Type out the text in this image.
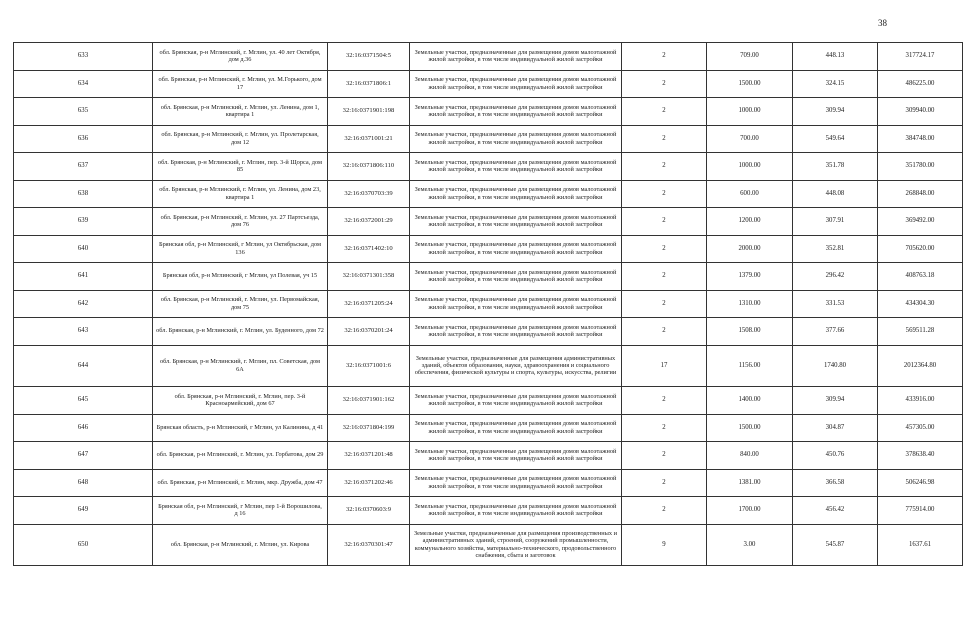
38
633	обл. Брянская, р-н Мглинский, г. Мглин, ул. 40 лет Октября, дом д.36	32:16:0371504:5	Земельные участки, предназначенные для размещения домов малоэтажной жилой застройки, в том числе индивидуальной жилой застройки	2	709.00	448.13	317724.17
634	обл. Брянская, р-н Мглинский, г. Мглин, ул. М.Горького, дом 17	32:16:0371806:1	Земельные участки, предназначенные для размещения домов малоэтажной жилой застройки, в том числе индивидуальной жилой застройки	2	1500.00	324.15	486225.00
635	обл. Брянская, р-н Мглинский, г. Мглин, ул. Ленина, дом 1, квартира 1	32:16:0371901:198	Земельные участки, предназначенные для размещения домов малоэтажной жилой застройки, в том числе индивидуальной жилой застройки	2	1000.00	309.94	309940.00
636	обл. Брянская, р-н Мглинский, г. Мглин, ул. Пролетарская, дом 12	32:16:0371001:21	Земельные участки, предназначенные для размещения домов малоэтажной жилой застройки, в том числе индивидуальной жилой застройки	2	700.00	549.64	384748.00
637	обл. Брянская, р-н Мглинский, г. Мглин, пер. 3-й Щорса, дом 85	32:16:0371806:110	Земельные участки, предназначенные для размещения домов малоэтажной жилой застройки, в том числе индивидуальной жилой застройки	2	1000.00	351.78	351780.00
638	обл. Брянская, р-н Мглинский, г. Мглин, ул. Ленина, дом 23, квартира 1	32:16:0370703:39	Земельные участки, предназначенные для размещения домов малоэтажной жилой застройки, в том числе индивидуальной жилой застройки	2	600.00	448.08	268848.00
639	обл. Брянская, р-н Мглинский, г. Мглин, ул. 27 Партсъезда, дом 76	32:16:0372001:29	Земельные участки, предназначенные для размещения домов малоэтажной жилой застройки, в том числе индивидуальной жилой застройки	2	1200.00	307.91	369492.00
640	Брянская обл, р-н Мглинский, г Мглин, ул Октябрьская, дом 136	32:16:0371402:10	Земельные участки, предназначенные для размещения домов малоэтажной жилой застройки, в том числе индивидуальной жилой застройки	2	2000.00	352.81	705620.00
641	Брянская обл, р-н Мглинский, г Мглин, ул Полевая, уч 15	32:16:0371301:358	Земельные участки, предназначенные для размещения домов малоэтажной жилой застройки, в том числе индивидуальной жилой застройки	2	1379.00	296.42	408763.18
642	обл. Брянская, р-н Мглинский, г. Мглин, ул. Первомайская, дом 75	32:16:0371205:24	Земельные участки, предназначенные для размещения домов малоэтажной жилой застройки, в том числе индивидуальной жилой застройки	2	1310.00	331.53	434304.30
643	обл. Брянская, р-н Мглинский, г. Мглин, ул. Буденного, дом 72	32:16:0370201:24	Земельные участки, предназначенные для размещения домов малоэтажной жилой застройки, в том числе индивидуальной жилой застройки	2	1508.00	377.66	569511.28
644	обл. Брянская, р-н Мглинский, г. Мглин, пл. Советская, дом 6А	32:16:0371001:6	Земельные участки, предназначенные для размещения административных зданий, объектов образования, науки, здравоохранения и социального обеспечения, физической культуры и спорта, культуры, искусства, религии	17	1156.00	1740.80	2012364.80
645	обл. Брянская, р-н Мглинский, г. Мглин, пер. 3-й Красноармейский, дом 67	32:16:0371901:162	Земельные участки, предназначенные для размещения домов малоэтажной жилой застройки, в том числе индивидуальной жилой застройки	2	1400.00	309.94	433916.00
646	Брянская область, р-н Мглинский, г Мглин, ул Калинина, д 41	32:16:0371804:199	Земельные участки, предназначенные для размещения домов малоэтажной жилой застройки, в том числе индивидуальной жилой застройки	2	1500.00	304.87	457305.00
647	обл. Брянская, р-н Мглинский, г. Мглин, ул. Горбатова, дом 29	32:16:0371201:48	Земельные участки, предназначенные для размещения домов малоэтажной жилой застройки, в том числе индивидуальной жилой застройки	2	840.00	450.76	378638.40
648	обл. Брянская, р-н Мглинский, г. Мглин, мкр. Дружба, дом 47	32:16:0371202:46	Земельные участки, предназначенные для размещения домов малоэтажной жилой застройки, в том числе индивидуальной жилой застройки	2	1381.00	366.58	506246.98
649	Брянская обл, р-н Мглинский, г Мглин, пер 1-й Ворошилова, д 16	32:16:0370603:9	Земельные участки, предназначенные для размещения домов малоэтажной жилой застройки, в том числе индивидуальной жилой застройки	2	1700.00	456.42	775914.00
650	обл. Брянская, р-н Мглинский, г. Мглин, ул. Кирова	32:16:0370301:47	Земельные участки, предназначенные для размещения производственных и административных зданий, строений, сооружений промышленности, коммунального хозяйства, материально-технического, продовольственного снабжения, сбыта и заготовок	9	3.00	545.87	1637.61
